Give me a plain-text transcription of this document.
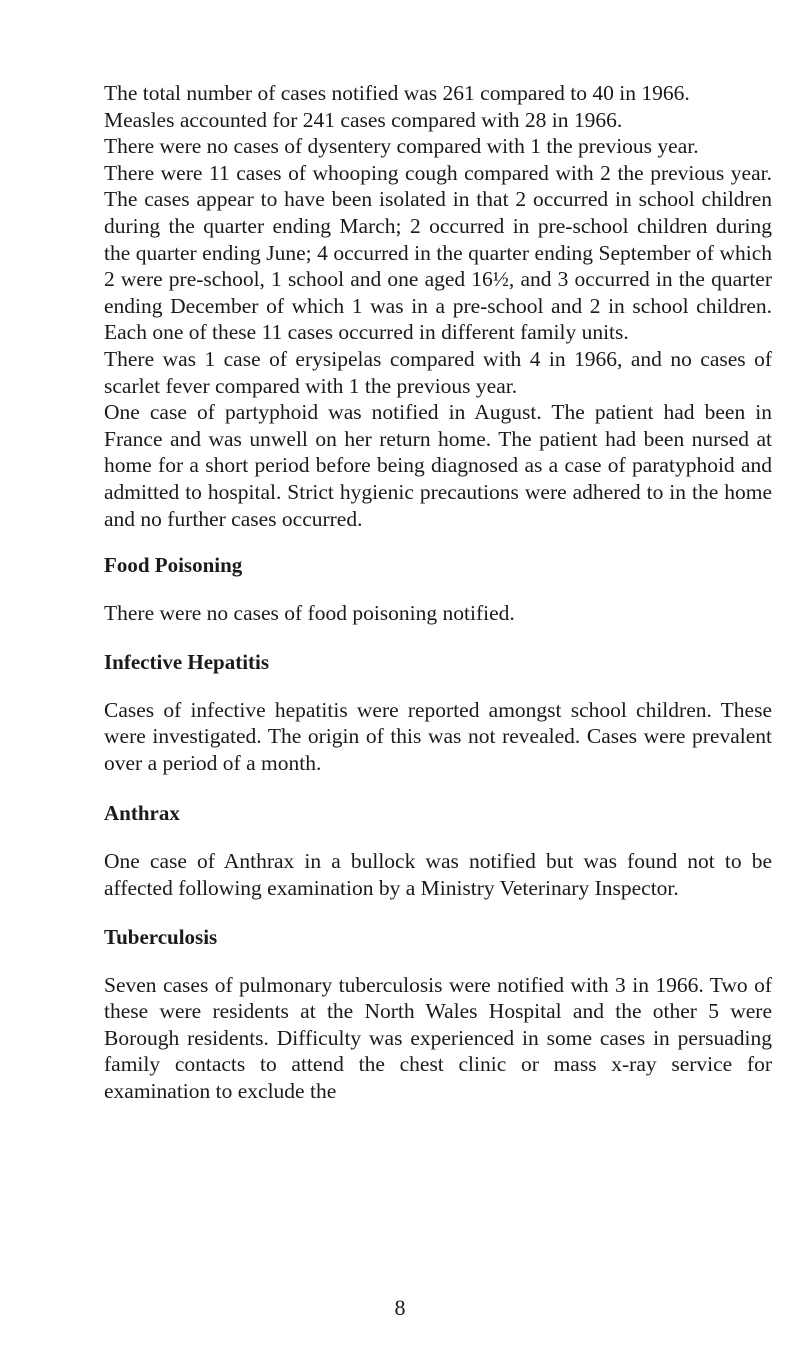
The total number of cases notified was 261 compared to 40 in 1966.

Measles accounted for 241 cases compared with 28 in 1966.

There were no cases of dysentery compared with 1 the previous year.

There were 11 cases of whooping cough compared with 2 the previous year. The cases appear to have been isolated in that 2 occurred in school children during the quarter ending March; 2 occurred in pre-school children during the quarter ending June; 4 occurred in the quarter ending September of which 2 were pre-school, 1 school and one aged 16½, and 3 occurred in the quarter ending December of which 1 was in a pre-school and 2 in school children. Each one of these 11 cases occurred in different family units.

There was 1 case of erysipelas compared with 4 in 1966, and no cases of scarlet fever compared with 1 the previous year.

One case of partyphoid was notified in August. The patient had been in France and was unwell on her return home. The patient had been nursed at home for a short period before being diagnosed as a case of paratyphoid and admitted to hospital. Strict hygienic precautions were adhered to in the home and no further cases occurred.

Food Poisoning

There were no cases of food poisoning notified.

Infective Hepatitis

Cases of infective hepatitis were reported amongst school children. These were investigated. The origin of this was not revealed. Cases were prevalent over a period of a month.

Anthrax

One case of Anthrax in a bullock was notified but was found not to be affected following examination by a Ministry Veterinary Inspector.

Tuberculosis

Seven cases of pulmonary tuberculosis were notified with 3 in 1966. Two of these were residents at the North Wales Hospital and the other 5 were Borough residents. Difficulty was experienced in some cases in persuading family contacts to attend the chest clinic or mass x-ray service for examination to exclude the

8
